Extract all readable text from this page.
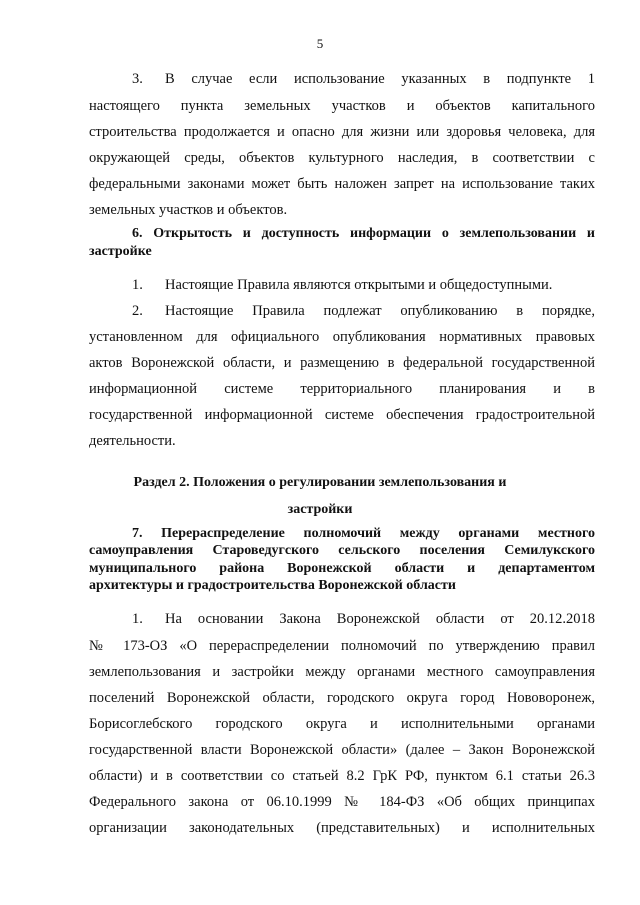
5
3. В случае если использование указанных в подпункте 1
настоящего пункта земельных участков и объектов капитального
строительства продолжается и опасно для жизни или здоровья человека, для
окружающей среды, объектов культурного наследия, в соответствии с
федеральными законами может быть наложен запрет на использование таких
земельных участков и объектов.
6. Открытость и доступность информации о землепользовании и
застройке
1. Настоящие Правила являются открытыми и общедоступными.
2. Настоящие Правила подлежат опубликованию в порядке,
установленном для официального опубликования нормативных правовых
актов Воронежской области, и размещению в федеральной государственной
информационной системе территориального планирования и в
государственной информационной системе обеспечения градостроительной
деятельности.
Раздел 2. Положения о регулировании землепользования и
застройки
7. Перераспределение полномочий между органами местного
самоуправления Староведугского сельского поселения Семилукского
муниципального района Воронежской области и департаментом
архитектуры и градостроительства Воронежской области
1. На основании Закона Воронежской области от 20.12.2018
№ 173-ОЗ «О перераспределении полномочий по утверждению правил
землепользования и застройки между органами местного самоуправления
поселений Воронежской области, городского округа город Нововоронеж,
Борисоглебского городского округа и исполнительными органами
государственной власти Воронежской области» (далее – Закон Воронежской
области) и в соответствии со статьей 8.2 ГрК РФ, пунктом 6.1 статьи 26.3
Федерального закона от 06.10.1999 № 184-ФЗ «Об общих принципах
организации законодательных (представительных) и исполнительных
